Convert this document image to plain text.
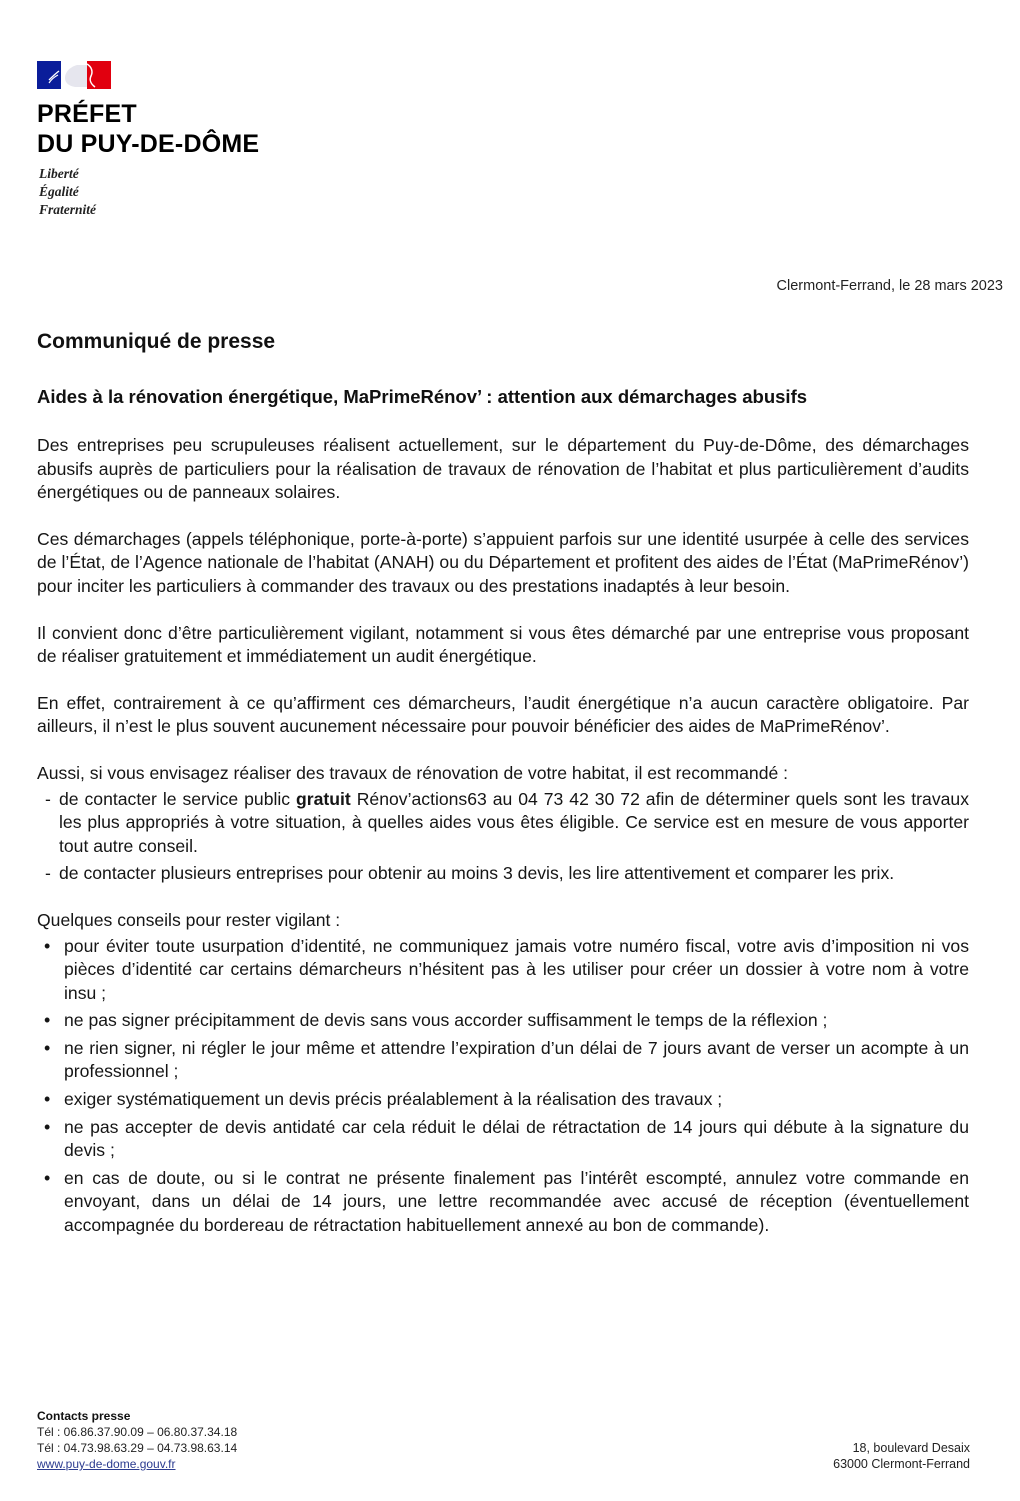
PRÉFET
DU PUY-DE-DÔME
Liberté
Égalité
Fraternité
Clermont-Ferrand, le 28 mars 2023
Communiqué de presse
Aides à la rénovation énergétique, MaPrimeRénov’ : attention aux démarchages abusifs

Des entreprises peu scrupuleuses réalisent actuellement, sur le département du Puy-de-Dôme, des démarchages abusifs auprès de particuliers pour la réalisation de travaux de rénovation de l’habitat et plus particulièrement d’audits énergétiques ou de panneaux solaires.

Ces démarchages (appels téléphonique, porte-à-porte) s’appuient parfois sur une identité usurpée à celle des services de l’État, de l’Agence nationale de l’habitat (ANAH) ou du Département et profitent des aides de l’État (MaPrimeRénov’) pour inciter les particuliers à commander des travaux ou des prestations inadaptés à leur besoin.

Il convient donc d’être particulièrement vigilant, notamment si vous êtes démarché par une entreprise vous proposant de réaliser gratuitement et immédiatement un audit énergétique.

En effet, contrairement à ce qu’affirment ces démarcheurs, l’audit énergétique n’a aucun caractère obligatoire. Par ailleurs, il n’est le plus souvent aucunement nécessaire pour pouvoir bénéficier des aides de MaPrimeRénov’.

Aussi, si vous envisagez réaliser des travaux de rénovation de votre habitat, il est recommandé :

- de contacter le service public gratuit Rénov’actions63 au 04 73 42 30 72 afin de déterminer quels sont les travaux les plus appropriés à votre situation, à quelles aides vous êtes éligible. Ce service est en mesure de vous apporter tout autre conseil.
- de contacter plusieurs entreprises pour obtenir au moins 3 devis, les lire attentivement et comparer les prix.

Quelques conseils pour rester vigilant :

• pour éviter toute usurpation d’identité, ne communiquez jamais votre numéro fiscal, votre avis d’imposition ni vos pièces d’identité car certains démarcheurs n’hésitent pas à les utiliser pour créer un dossier à votre nom à votre insu ;
• ne pas signer précipitamment de devis sans vous accorder suffisamment le temps de la réflexion ;
• ne rien signer, ni régler le jour même et attendre l’expiration d’un délai de 7 jours avant de verser un acompte à un professionnel ;
• exiger systématiquement un devis précis préalablement à la réalisation des travaux ;
• ne pas accepter de devis antidaté car cela réduit le délai de rétractation de 14 jours qui débute à la signature du devis ;
• en cas de doute, ou si le contrat ne présente finalement pas l’intérêt escompté, annulez votre commande en envoyant, dans un délai de 14 jours, une lettre recommandée avec accusé de réception (éventuellement accompagnée du bordereau de rétractation habituellement annexé au bon de commande).
Contacts presse
Tél : 06.86.37.90.09 – 06.80.37.34.18
Tél : 04.73.98.63.29 – 04.73.98.63.14
www.puy-de-dome.gouv.fr
18, boulevard Desaix
63000 Clermont-Ferrand
